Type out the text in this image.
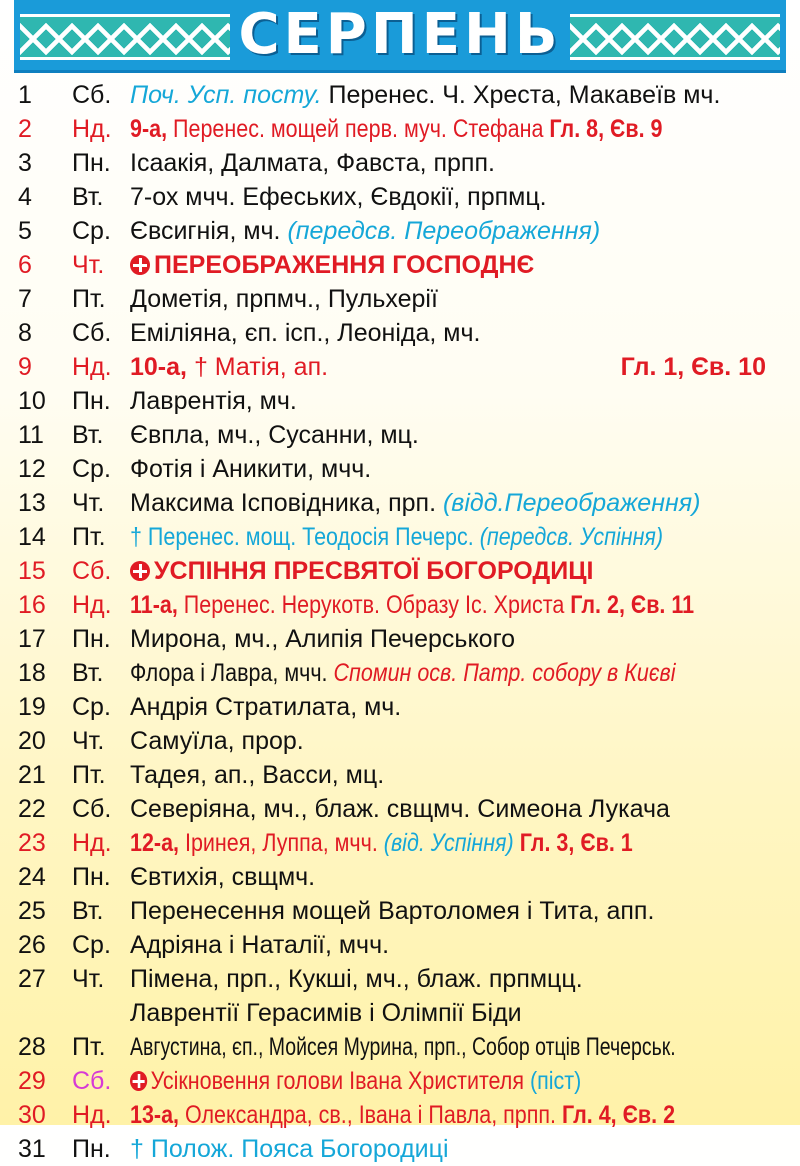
СЕРПЕНЬ
1	Сб. Поч. Усп. посту. Перенес. Ч. Хреста, Макавеїв мч.
2	Нд. 9-а, Перенес. мощей перв. муч. Стефана Гл. 8, Єв. 9
3	Пн. Ісаакія, Далмата, Фавста, прпп.
4	Вт.	7-ох мчч. Ефеських, Євдокії, прпмц.
5	Ср. Євсигнія, мч. (передсв. Переображення)
6	Чт.	ПЕРЕОБРАЖЕННЯ ГОСПОДНЄ
7	Пт. Дометія, прпмч., Пульхерії
8	Сб. Еміліяна, єп. ісп., Леоніда, мч.
9	Нд. 10-а, † Матія, ап.	Гл. 1, Єв. 10
10	Пн. Лаврентія, мч.
11	Вт.	Євпла, мч., Сусанни, мц.
12	Ср. Фотія і Аникити, мчч.
13	Чт.	Максима Ісповідника, прп. (відд.Переображення)
14	Пт. † Перенес. мощ. Теодосія Печерс. (передсв. Успіння)
15	Сб.	УСПІННЯ ПРЕСВЯТОЇ БОГОРОДИЦІ
16	Нд. 11-а, Перенес. Нерукотв. Образу Іс. Христа Гл. 2, Єв. 11
17	Пн. Мирона, мч., Алипія Печерського
18	Вт.	Флора і Лавра, мчч. Спомин осв. Патр. собору в Києві
19	Ср. Андрія Стратилата, мч.
20	Чт.	Самуїла, прор.
21	Пт. Тадея, ап., Васси, мц.
22	Сб. Северіяна, мч., блаж. свщмч. Симеона Лукача
23	Нд. 12-а, Іринея, Луппа, мчч. (від. Успіння) Гл. 3, Єв. 1
24	Пн. Євтихія, свщмч.
25	Вт.	Перенесення мощей Вартоломея і Тита, апп.
26	Ср. Адріяна і Наталії, мчч.
27	Чт.	Пімена, прп., Кукші, мч., блаж. прпмцц.
Лаврентії Герасимів і Олімпії Біди
28	Пт. Августина, єп., Мойсея Мурина, прп., Собор отців Печерськ.
29	Сб.	Усікновення голови Івана Христителя (піст)
30	Нд. 13-а, Олександра, св., Івана і Павла, прпп. Гл. 4, Єв. 2
31	Пн. † Полож. Пояса Богородиці
